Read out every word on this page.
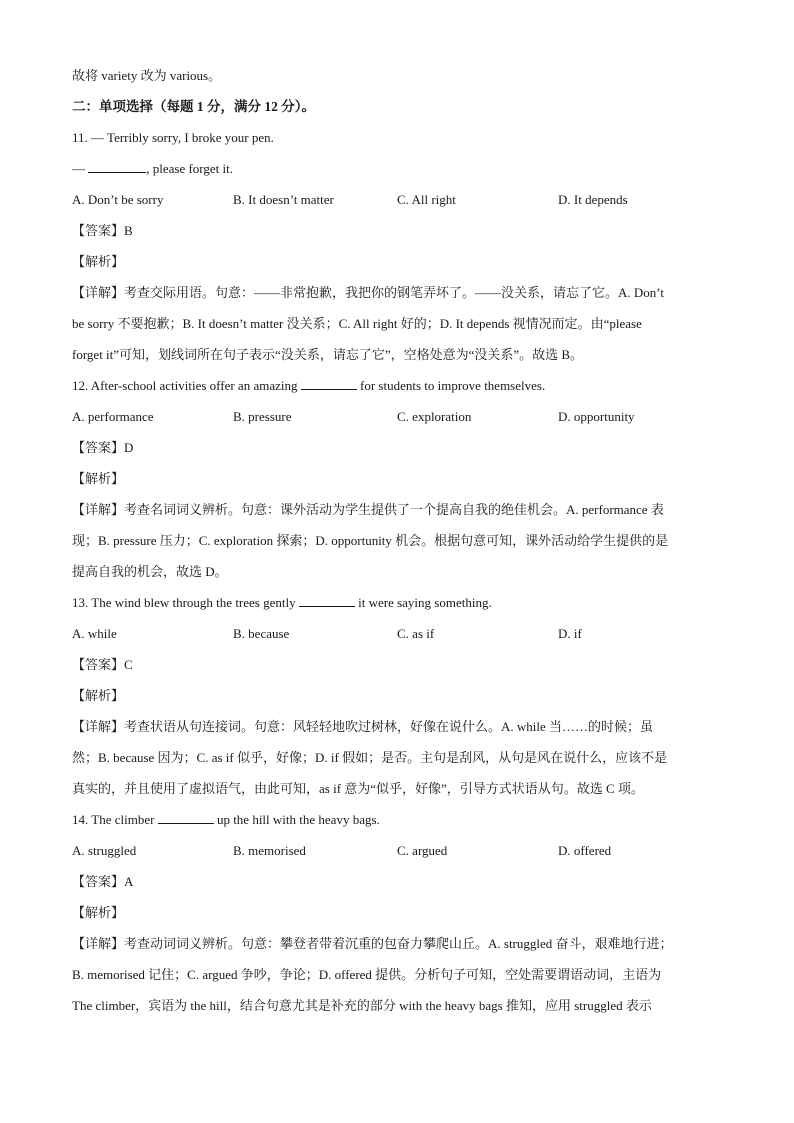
故将 variety 改为 various。
二：单项选择（每题 1 分，满分 12 分）。
11. — Terribly sorry, I broke your pen.
—	, please forget it.
A. Don’t be sorry	B. It doesn’t matter	C. All right	D. It depends
【答案】B
【解析】
【详解】考查交际用语。句意：——非常抱歉，我把你的钢笔弄坏了。——没关系，请忘了它。A. Don’t
be sorry 不要抱歉；B. It doesn’t matter 没关系；C. All right 好的；D. It depends 视情况而定。由“please
forget it”可知，划线词所在句子表示“没关系，请忘了它”，空格处意为“没关系”。故选 B。
12. After-school activities offer an amazing	for students to improve themselves.
A. performance	B. pressure	C. exploration	D. opportunity
【答案】D
【解析】
【详解】考查名词词义辨析。句意：课外活动为学生提供了一个提高自我的绝佳机会。A. performance 表
现；B. pressure 压力；C. exploration 探索；D. opportunity 机会。根据句意可知，课外活动给学生提供的是
提高自我的机会，故选 D。
13. The wind blew through the trees gently	it were saying something.
A. while	B. because	C. as if	D. if
【答案】C
【解析】
【详解】考查状语从句连接词。句意：风轻轻地吹过树林，好像在说什么。A. while 当……的时候；虽
然；B. because 因为；C. as if 似乎，好像；D. if 假如；是否。主句是刮风，从句是风在说什么，应该不是
真实的，并且使用了虚拟语气，由此可知，as if 意为“似乎，好像”，引导方式状语从句。故选 C 项。
14. The climber	up the hill with the heavy bags.
A. struggled	B. memorised	C. argued	D. offered
【答案】A
【解析】
【详解】考查动词词义辨析。句意：攀登者带着沉重的包奋力攀爬山丘。A. struggled 奋斗，艰难地行进；
B. memorised 记住；C. argued 争吵，争论；D. offered 提供。分析句子可知，空处需要谓语动词，主语为
The climber，宾语为 the hill，结合句意尤其是补充的部分 with the heavy bags 推知，应用 struggled 表示
